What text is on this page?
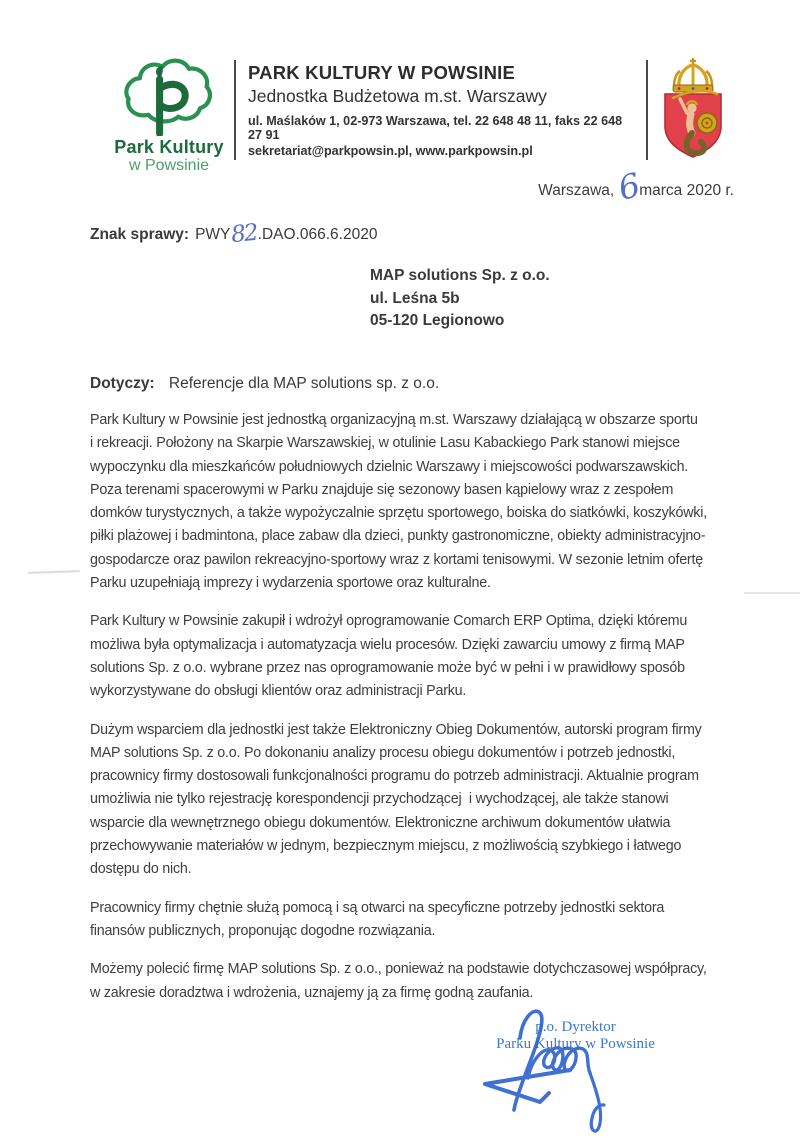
Park Kultury
w Powsinie
PARK KULTURY W POWSINIE
Jednostka Budżetowa m.st. Warszawy
ul. Maślaków 1, 02-973 Warszawa, tel. 22 648 48 11, faks 22 648 27 91
sekretariat@parkpowsin.pl, www.parkpowsin.pl
Warszawa, 6
marca 2020 r.
Znak sprawy: PWY 82 .DAO.066.6.2020
MAP solutions Sp. z o.o.
ul. Leśna 5b
05-120 Legionowo
Dotyczy: Referencje dla MAP solutions sp. z o.o.
Park Kultury w Powsinie jest jednostką organizacyjną m.st. Warszawy działającą w obszarze sportu
i rekreacji. Położony na Skarpie Warszawskiej, w otulinie Lasu Kabackiego Park stanowi miejsce
wypoczynku dla mieszkańców południowych dzielnic Warszawy i miejscowości podwarszawskich.
Poza terenami spacerowymi w Parku znajduje się sezonowy basen kąpielowy wraz z zespołem
domków turystycznych, a także wypożyczalnie sprzętu sportowego, boiska do siatkówki, koszykówki,
piłki plażowej i badmintona, place zabaw dla dzieci, punkty gastronomiczne, obiekty administracyjno-
gospodarcze oraz pawilon rekreacyjno-sportowy wraz z kortami tenisowymi. W sezonie letnim ofertę
Parku uzupełniają imprezy i wydarzenia sportowe oraz kulturalne.
Park Kultury w Powsinie zakupił i wdrożył oprogramowanie Comarch ERP Optima, dzięki któremu
możliwa była optymalizacja i automatyzacja wielu procesów. Dzięki zawarciu umowy z firmą MAP
solutions Sp. z o.o. wybrane przez nas oprogramowanie może być w pełni i w prawidłowy sposób
wykorzystywane do obsługi klientów oraz administracji Parku.
Dużym wsparciem dla jednostki jest także Elektroniczny Obieg Dokumentów, autorski program firmy
MAP solutions Sp. z o.o. Po dokonaniu analizy procesu obiegu dokumentów i potrzeb jednostki,
pracownicy firmy dostosowali funkcjonalności programu do potrzeb administracji. Aktualnie program
umożliwia nie tylko rejestrację korespondencji przychodzącej  i wychodzącej, ale także stanowi
wsparcie dla wewnętrznego obiegu dokumentów. Elektroniczne archiwum dokumentów ułatwia
przechowywanie materiałów w jednym, bezpiecznym miejscu, z możliwością szybkiego i łatwego
dostępu do nich.
Pracownicy firmy chętnie służą pomocą i są otwarci na specyficzne potrzeby jednostki sektora
finansów publicznych, proponując dogodne rozwiązania.
Możemy polecić firmę MAP solutions Sp. z o.o., ponieważ na podstawie dotychczasowej współpracy,
w zakresie doradztwa i wdrożenia, uznajemy ją za firmę godną zaufania.
p.o. Dyrektor
Parku Kultury w Powsinie
